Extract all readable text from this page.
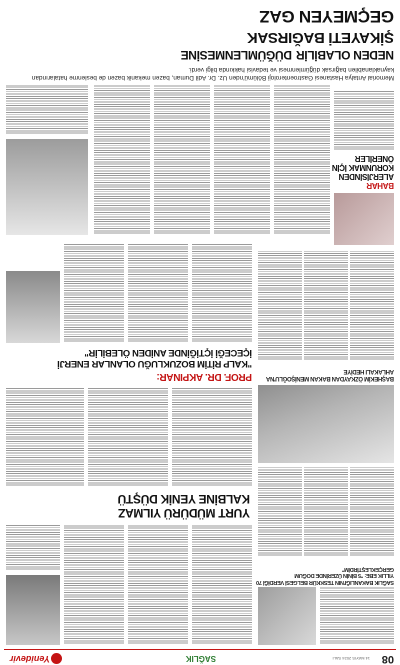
08
14 MAYIS 2024 SALI
SAĞLIK
Yenidevir
SAĞLIK BAKANLIĞI'NIN TESKKÜR BELGESİ VERDİĞİ 70 YILLIK EBE: "5 BİNİN ÜZERİNDE DOĞUM GERÇEKLEŞTİRDİM"
BAŞHEKİM ÖZKAYDAN BAKAN MENİŞOĞLU'NA AHLAKALI HEDİYE
YURT MÜDÜRÜ YILMAZ
KALBİNE YENİK DÜŞTÜ
PROF. DR. AKPINAR:
"KALP RİTİM BOZUKLUĞU OLANLAR ENERJİ
İÇECEĞİ İÇTİĞİNDE ANİDEN ÖLEBİLİR"
BAHAR
ALERJİSİNDEN
KORUNMAK İÇİN
ÖNERİLER
Memorial Antalya Hastanesi Gastroenteroloji Bölümü'nden Uz. Dr. Adil Duman, bazen mekanik bazen de beslenme hatalarından kaynaklanabilen bağırsak düğümlenmesi ve tedavisi hakkında bilgi verdi.
NEDEN OLABİLİR
DÜĞÜMLENMESİNE
ŞİKAYETİ BAĞIRSAK
GEÇMEYEN GAZ
